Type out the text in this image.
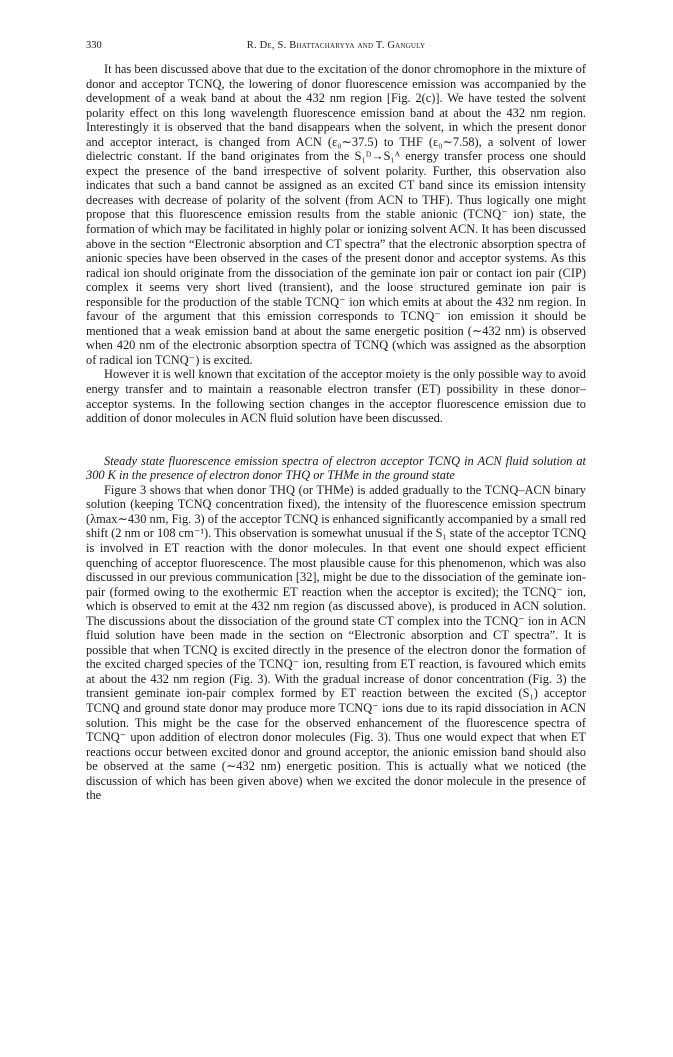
330	R. De, S. Bhattacharyya and T. Ganguly

It has been discussed above that due to the excitation of the donor chromophore in the mixture of donor and acceptor TCNQ, the lowering of donor fluorescence emission was accompanied by the development of a weak band at about the 432 nm region [Fig. 2(c)]. We have tested the solvent polarity effect on this long wavelength fluorescence emission band at about the 432 nm region. Interestingly it is observed that the band disappears when the solvent, in which the present donor and acceptor interact, is changed from ACN (ε₀∼37.5) to THF (ε₀∼7.58), a solvent of lower dielectric constant. If the band originates from the S₁ᴰ→S₁ᴬ energy transfer process one should expect the presence of the band irrespective of solvent polarity. Further, this observation also indicates that such a band cannot be assigned as an excited CT band since its emission intensity decreases with decrease of polarity of the solvent (from ACN to THF). Thus logically one might propose that this fluorescence emission results from the stable anionic (TCNQ⁻ ion) state, the formation of which may be facilitated in highly polar or ionizing solvent ACN. It has been discussed above in the section “Electronic absorption and CT spectra” that the electronic absorption spectra of anionic species have been observed in the cases of the present donor and acceptor systems. As this radical ion should originate from the dissociation of the geminate ion pair or contact ion pair (CIP) complex it seems very short lived (transient), and the loose structured geminate ion pair is responsible for the production of the stable TCNQ⁻ ion which emits at about the 432 nm region. In favour of the argument that this emission corresponds to TCNQ⁻ ion emission it should be mentioned that a weak emission band at about the same energetic position (∼432 nm) is observed when 420 nm of the electronic absorption spectra of TCNQ (which was assigned as the absorption of radical ion TCNQ⁻) is excited.

However it is well known that excitation of the acceptor moiety is the only possible way to avoid energy transfer and to maintain a reasonable electron transfer (ET) possibility in these donor–acceptor systems. In the following section changes in the acceptor fluorescence emission due to addition of donor molecules in ACN fluid solution have been discussed.

Steady state fluorescence emission spectra of electron acceptor TCNQ in ACN fluid solution at 300 K in the presence of electron donor THQ or THMe in the ground state

Figure 3 shows that when donor THQ (or THMe) is added gradually to the TCNQ–ACN binary solution (keeping TCNQ concentration fixed), the intensity of the fluorescence emission spectrum (λmax∼430 nm, Fig. 3) of the acceptor TCNQ is enhanced significantly accompanied by a small red shift (2 nm or 108 cm⁻¹). This observation is somewhat unusual if the S₁ state of the acceptor TCNQ is involved in ET reaction with the donor molecules. In that event one should expect efficient quenching of acceptor fluorescence. The most plausible cause for this phenomenon, which was also discussed in our previous communication [32], might be due to the dissociation of the geminate ion-pair (formed owing to the exothermic ET reaction when the acceptor is excited); the TCNQ⁻ ion, which is observed to emit at the 432 nm region (as discussed above), is produced in ACN solution. The discussions about the dissociation of the ground state CT complex into the TCNQ⁻ ion in ACN fluid solution have been made in the section on “Electronic absorption and CT spectra”. It is possible that when TCNQ is excited directly in the presence of the electron donor the formation of the excited charged species of the TCNQ⁻ ion, resulting from ET reaction, is favoured which emits at about the 432 nm region (Fig. 3). With the gradual increase of donor concentration (Fig. 3) the transient geminate ion-pair complex formed by ET reaction between the excited (S₁) acceptor TCNQ and ground state donor may produce more TCNQ⁻ ions due to its rapid dissociation in ACN solution. This might be the case for the observed enhancement of the fluorescence spectra of TCNQ⁻ upon addition of electron donor molecules (Fig. 3). Thus one would expect that when ET reactions occur between excited donor and ground acceptor, the anionic emission band should also be observed at the same (∼432 nm) energetic position. This is actually what we noticed (the discussion of which has been given above) when we excited the donor molecule in the presence of the
